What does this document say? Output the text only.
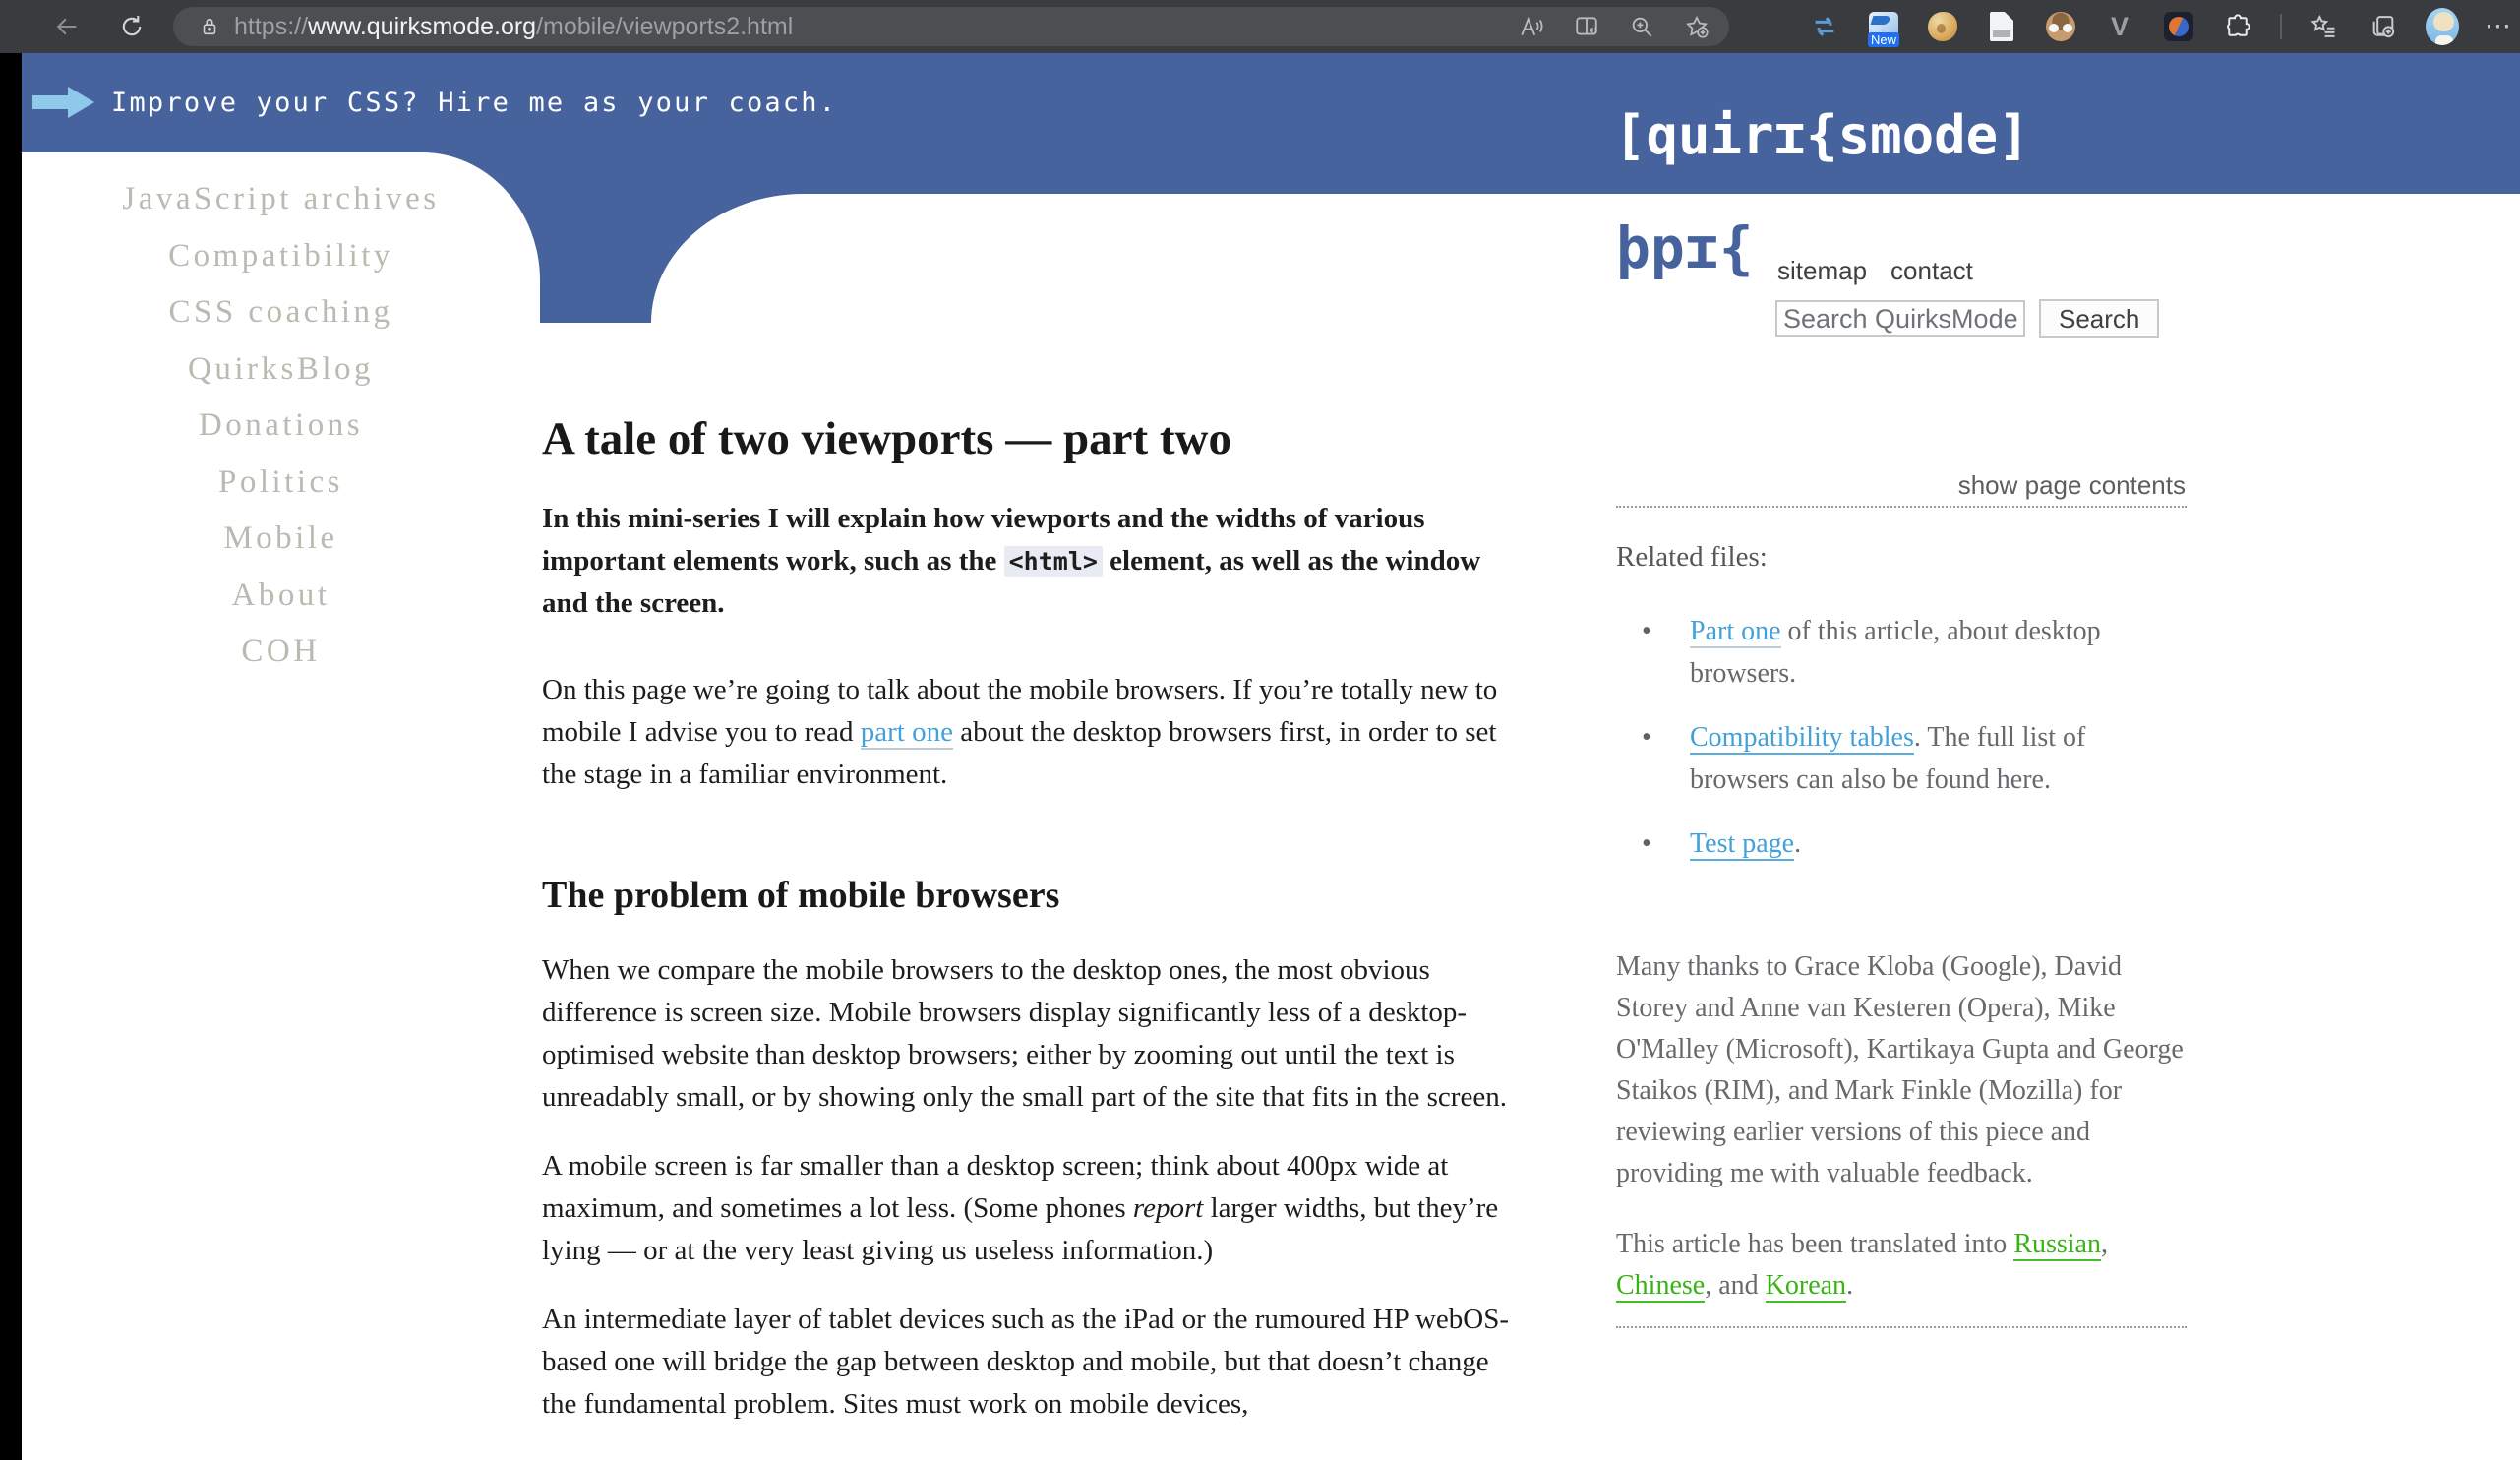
https://www.quirksmode.org/mobile/viewports2.html	New	V	⋯
Improve your CSS? Hire me as your coach.
[quirɪ{smode]
JavaScript archives
Compatibility
CSS coaching
QuirksBlog
Donations
Politics
Mobile
About
COH
A tale of two viewports — part two

In this mini-series I will explain how viewports and the widths of various important elements work, such as the <html> element, as well as the window and the screen.

On this page we’re going to talk about the mobile browsers. If you’re totally new to mobile I advise you to read part one about the desktop browsers first, in order to set the stage in a familiar environment.

The problem of mobile browsers

When we compare the mobile browsers to the desktop ones, the most obvious difference is screen size. Mobile browsers display significantly less of a desktop-optimised website than desktop browsers; either by zooming out until the text is unreadably small, or by showing only the small part of the site that fits in the screen.

A mobile screen is far smaller than a desktop screen; think about 400px wide at maximum, and sometimes a lot less. (Some phones report larger widths, but they’re lying — or at the very least giving us useless information.)

An intermediate layer of tablet devices such as the iPad or the rumoured HP webOS-based one will bridge the gap between desktop and mobile, but that doesn’t change the fundamental problem. Sites must work on mobile devices,

þpɪ{ sitemap contact
Search QuirksMode
Search
show page contents
Related files:
• Part one of this article, about desktop browsers.
• Compatibility tables. The full list of browsers can also be found here.
• Test page.
Many thanks to Grace Kloba (Google), David Storey and Anne van Kesteren (Opera), Mike O'Malley (Microsoft), Kartikaya Gupta and George Staikos (RIM), and Mark Finkle (Mozilla) for reviewing earlier versions of this piece and providing me with valuable feedback.
This article has been translated into Russian, Chinese, and Korean.
